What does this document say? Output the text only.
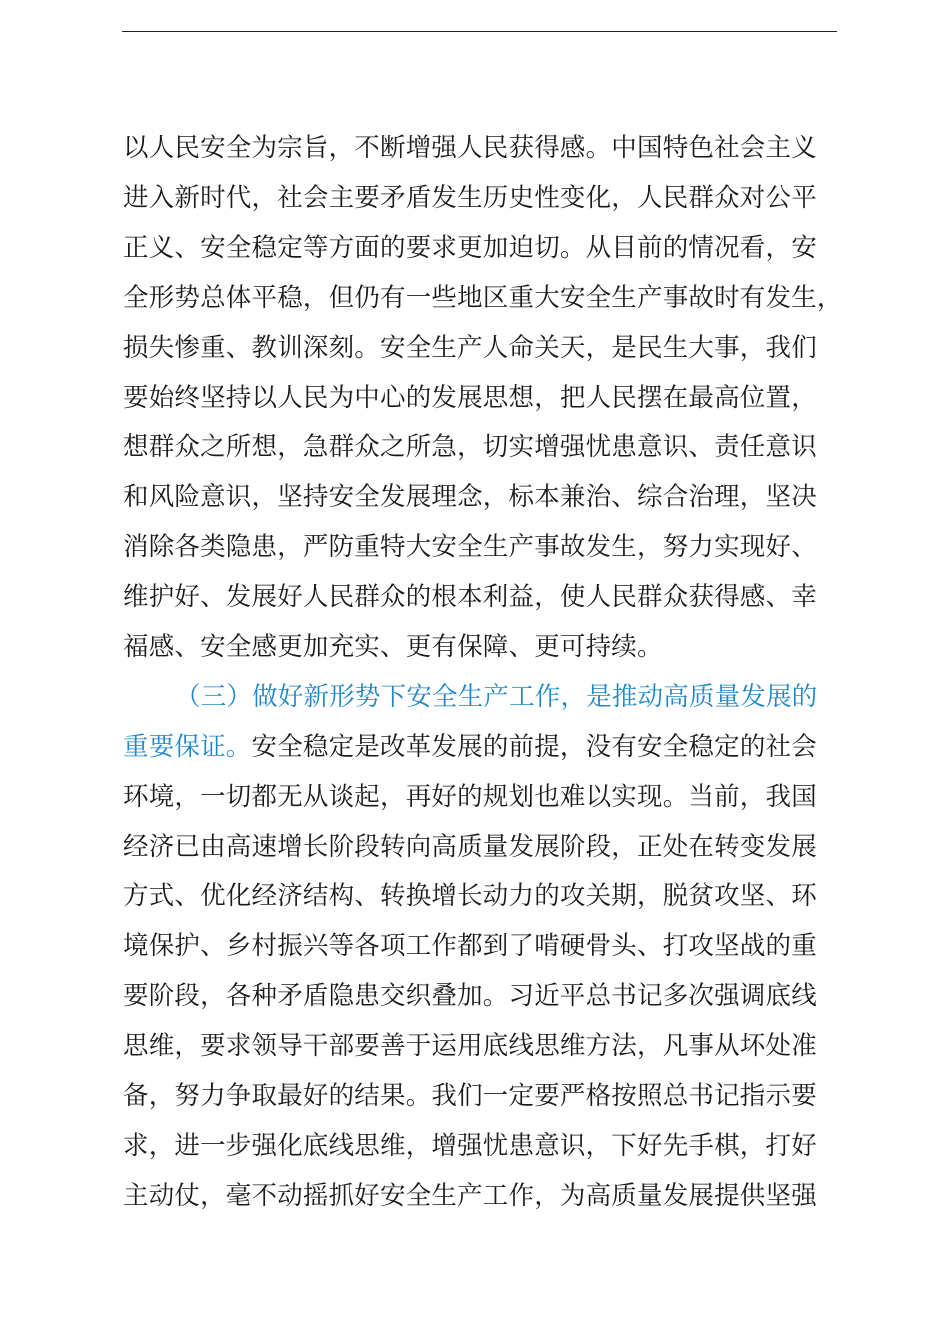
以人民安全为宗旨，不断增强人民获得感。中国特色社会主义
进入新时代，社会主要矛盾发生历史性变化，人民群众对公平
正义、安全稳定等方面的要求更加迫切。从目前的情况看，安
全形势总体平稳，但仍有一些地区重大安全生产事故时有发生，
损失惨重、教训深刻。安全生产人命关天，是民生大事，我们
要始终坚持以人民为中心的发展思想，把人民摆在最高位置，
想群众之所想，急群众之所急，切实增强忧患意识、责任意识
和风险意识，坚持安全发展理念，标本兼治、综合治理，坚决
消除各类隐患，严防重特大安全生产事故发生，努力实现好、
维护好、发展好人民群众的根本利益，使人民群众获得感、幸
福感、安全感更加充实、更有保障、更可持续。
（三）做好新形势下安全生产工作，是推动高质量发展的
重要保证。安全稳定是改革发展的前提，没有安全稳定的社会
环境，一切都无从谈起，再好的规划也难以实现。当前，我国
经济已由高速增长阶段转向高质量发展阶段，正处在转变发展
方式、优化经济结构、转换增长动力的攻关期，脱贫攻坚、环
境保护、乡村振兴等各项工作都到了啃硬骨头、打攻坚战的重
要阶段，各种矛盾隐患交织叠加。习近平总书记多次强调底线
思维，要求领导干部要善于运用底线思维方法，凡事从坏处准
备，努力争取最好的结果。我们一定要严格按照总书记指示要
求，进一步强化底线思维，增强忧患意识，下好先手棋，打好
主动仗，毫不动摇抓好安全生产工作，为高质量发展提供坚强
